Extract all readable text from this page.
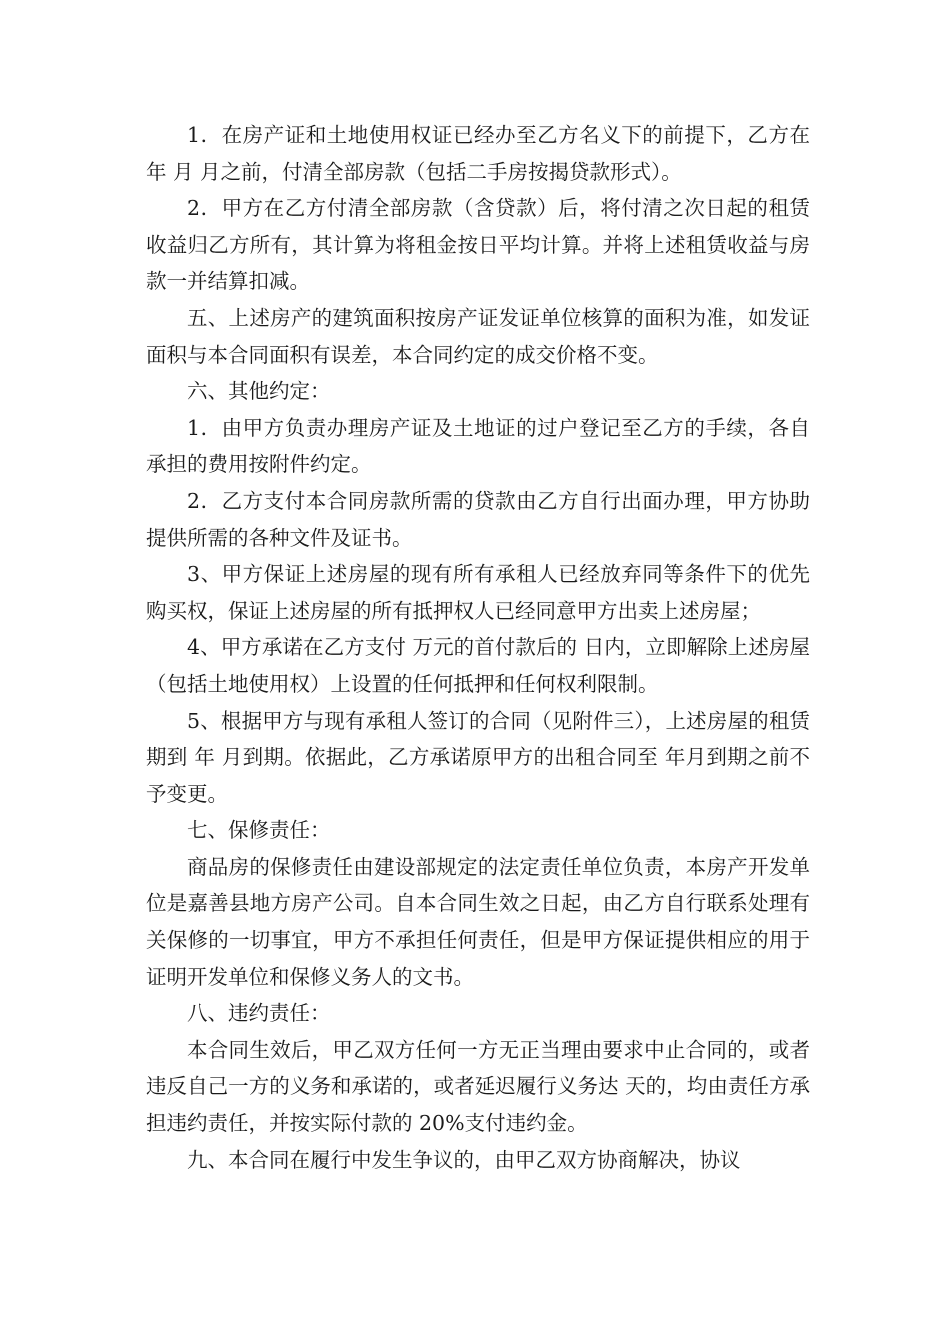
1．在房产证和土地使用权证已经办至乙方名义下的前提下，乙方在 年 月 月之前，付清全部房款（包括二手房按揭贷款形式）。

2．甲方在乙方付清全部房款（含贷款）后，将付清之次日起的租赁收益归乙方所有，其计算为将租金按日平均计算。并将上述租赁收益与房款一并结算扣减。

五、上述房产的建筑面积按房产证发证单位核算的面积为准，如发证面积与本合同面积有误差，本合同约定的成交价格不变。

六、其他约定：

1．由甲方负责办理房产证及土地证的过户登记至乙方的手续，各自承担的费用按附件约定。

2．乙方支付本合同房款所需的贷款由乙方自行出面办理，甲方协助提供所需的各种文件及证书。

3、甲方保证上述房屋的现有所有承租人已经放弃同等条件下的优先购买权，保证上述房屋的所有抵押权人已经同意甲方出卖上述房屋；

4、甲方承诺在乙方支付 万元的首付款后的 日内，立即解除上述房屋（包括土地使用权）上设置的任何抵押和任何权利限制。

5、根据甲方与现有承租人签订的合同（见附件三），上述房屋的租赁期到 年 月到期。依据此，乙方承诺原甲方的出租合同至 年月到期之前不予变更。

七、保修责任：

商品房的保修责任由建设部规定的法定责任单位负责，本房产开发单位是嘉善县地方房产公司。自本合同生效之日起，由乙方自行联系处理有关保修的一切事宜，甲方不承担任何责任，但是甲方保证提供相应的用于证明开发单位和保修义务人的文书。

八、违约责任：

本合同生效后，甲乙双方任何一方无正当理由要求中止合同的，或者违反自己一方的义务和承诺的，或者延迟履行义务达 天的，均由责任方承担违约责任，并按实际付款的 20%支付违约金。

九、本合同在履行中发生争议的，由甲乙双方协商解决，协议
